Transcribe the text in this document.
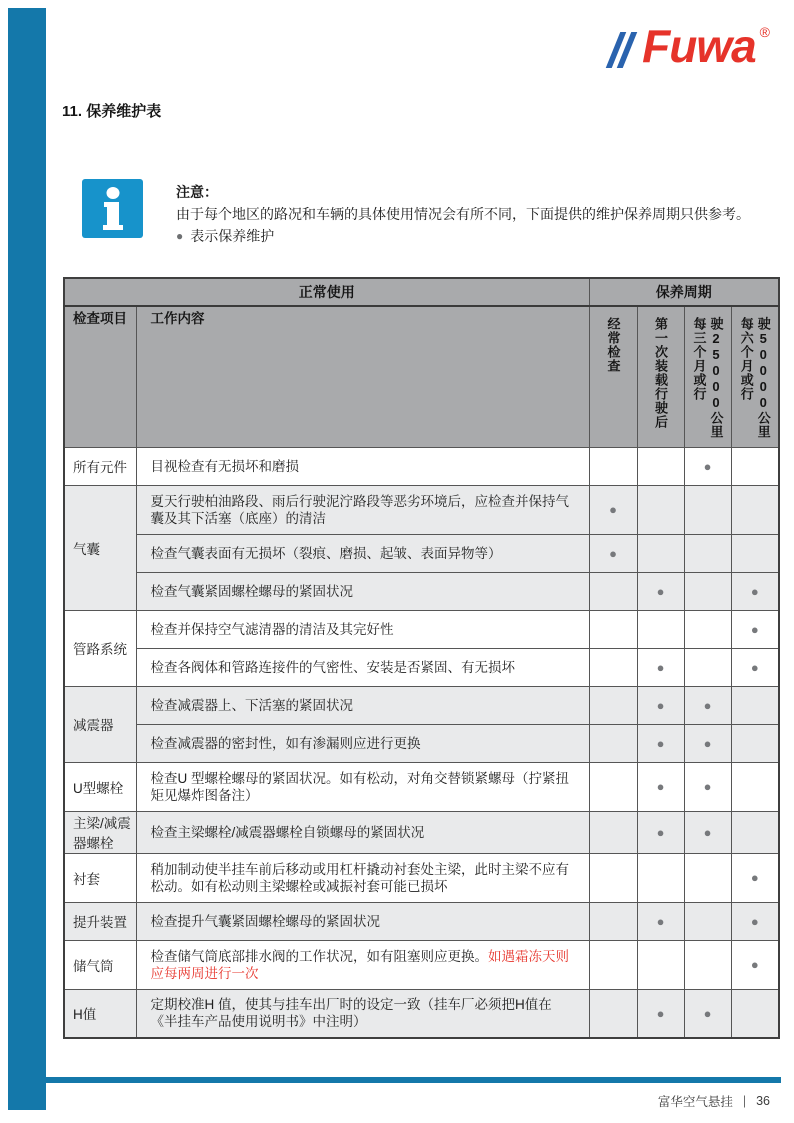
Fuwa ®
11. 保养维护表
注意：
由于每个地区的路况和车辆的具体使用情况会有所不同，下面提供的维护保养周期只供参考。
● 表示保养维护
正常使用		保养周期			
检查项目	工作内容	经常检查	第一次装载行驶后	每三个月或行 驶25000公里	每六个月或行 驶50000公里

所有元件	目视检查有无损坏和磨损			●	
气囊	夏天行驶柏油路段、雨后行驶泥泞路段等恶劣环境后，应检查并保持气囊及其下活塞（底座）的清洁	●			
	检查气囊表面有无损坏（裂痕、磨损、起皱、表面异物等）	●			
	检查气囊紧固螺栓螺母的紧固状况		●		●
管路系统	检查并保持空气滤清器的清洁及其完好性				●
	检查各阀体和管路连接件的气密性、安装是否紧固、有无损坏		●		●
减震器	检查减震器上、下活塞的紧固状况		●	●	
	检查减震器的密封性，如有渗漏则应进行更换		●	●	
U型螺栓	检查U 型螺栓螺母的紧固状况。如有松动，对角交替锁紧螺母（拧紧扭矩见爆炸图备注）		●	●	
主梁/减震器螺栓	检查主梁螺栓/减震器螺栓自锁螺母的紧固状况		●	●	
衬套	稍加制动使半挂车前后移动或用杠杆撬动衬套处主梁，此时主梁不应有松动。如有松动则主梁螺栓或减振衬套可能已损坏				●
提升装置	检查提升气囊紧固螺栓螺母的紧固状况		●		●
储气筒	检查储气筒底部排水阀的工作状况，如有阻塞则应更换。如遇霜冻天则应每两周进行一次				●
H值	定期校准H 值，使其与挂车出厂时的设定一致（挂车厂必须把H值在《半挂车产品使用说明书》中注明）		●	●	
富华空气悬挂 | 36
